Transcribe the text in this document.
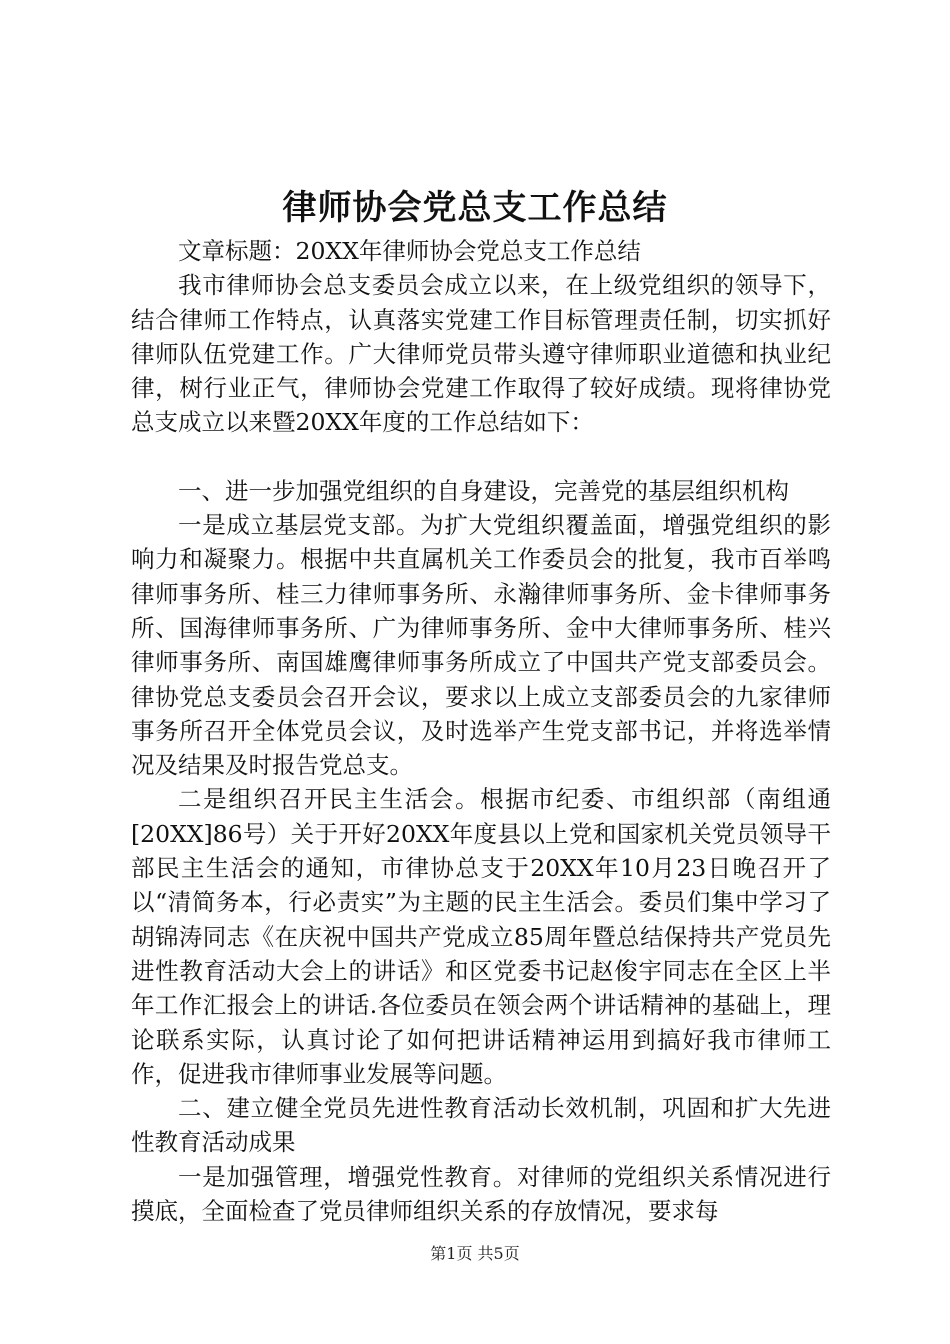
律师协会党总支工作总结

文章标题：20XX年律师协会党总支工作总结

我市律师协会总支委员会成立以来，在上级党组织的领导下，结合律师工作特点，认真落实党建工作目标管理责任制，切实抓好律师队伍党建工作。广大律师党员带头遵守律师职业道德和执业纪律，树行业正气，律师协会党建工作取得了较好成绩。现将律协党总支成立以来暨20XX年度的工作总结如下：

一、进一步加强党组织的自身建设，完善党的基层组织机构

一是成立基层党支部。为扩大党组织覆盖面，增强党组织的影响力和凝聚力。根据中共直属机关工作委员会的批复，我市百举鸣律师事务所、桂三力律师事务所、永瀚律师事务所、金卡律师事务所、国海律师事务所、广为律师事务所、金中大律师事务所、桂兴律师事务所、南国雄鹰律师事务所成立了中国共产党支部委员会。律协党总支委员会召开会议，要求以上成立支部委员会的九家律师事务所召开全体党员会议，及时选举产生党支部书记，并将选举情况及结果及时报告党总支。

二是组织召开民主生活会。根据市纪委、市组织部（南组通[20XX]86号）关于开好20XX年度县以上党和国家机关党员领导干部民主生活会的通知，市律协总支于20XX年10月23日晚召开了以“清简务本，行必责实”为主题的民主生活会。委员们集中学习了胡锦涛同志《在庆祝中国共产党成立85周年暨总结保持共产党员先进性教育活动大会上的讲话》和区党委书记赵俊宇同志在全区上半年工作汇报会上的讲话.各位委员在领会两个讲话精神的基础上，理论联系实际，认真讨论了如何把讲话精神运用到搞好我市律师工作，促进我市律师事业发展等问题。

二、建立健全党员先进性教育活动长效机制，巩固和扩大先进性教育活动成果

一是加强管理，增强党性教育。对律师的党组织关系情况进行摸底，全面检查了党员律师组织关系的存放情况，要求每

第1页 共5页
